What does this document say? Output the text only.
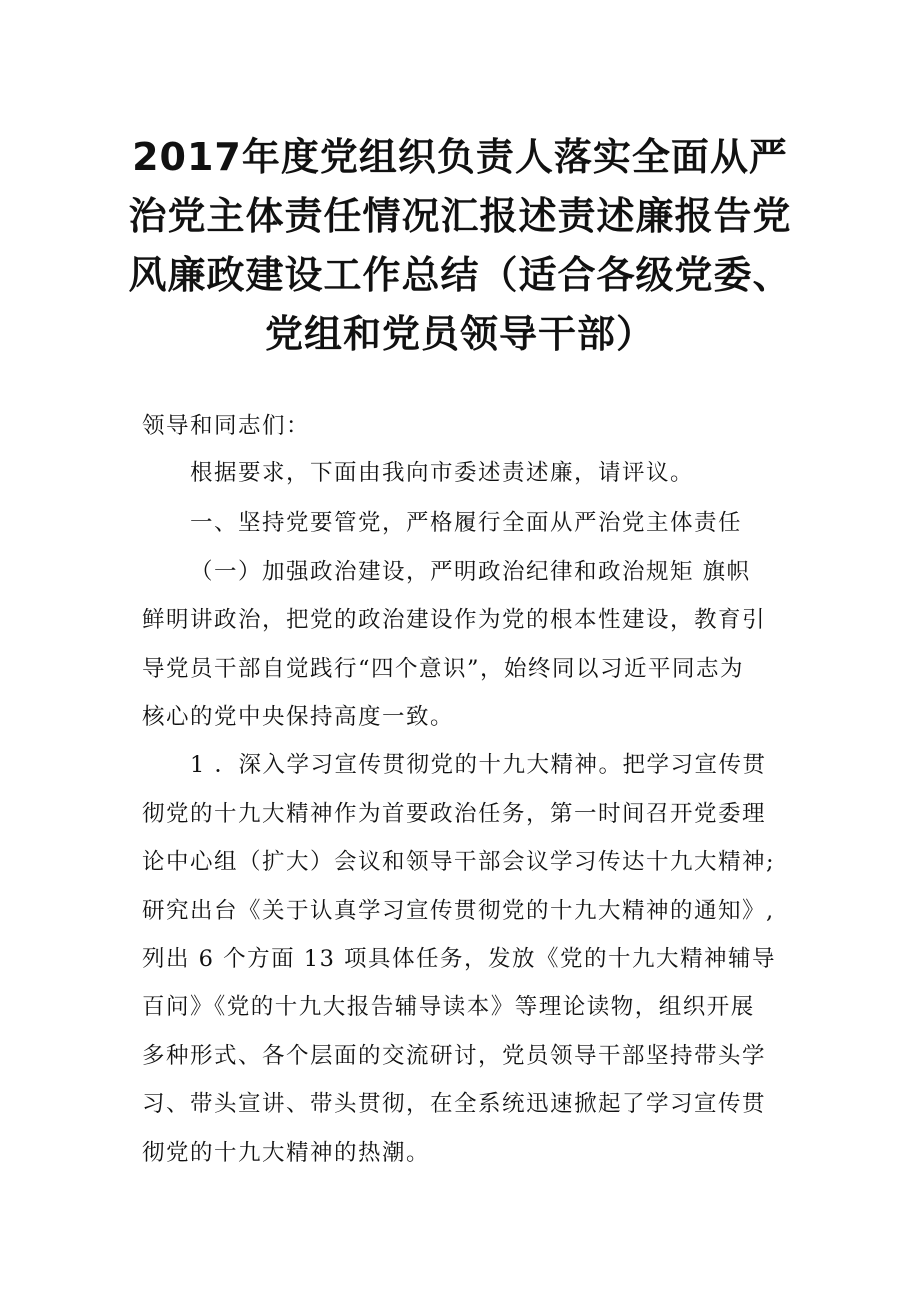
2017年度党组织负责人落实全面从严治党主体责任情况汇报述责述廉报告党风廉政建设工作总结（适合各级党委、党组和党员领导干部）

领导和同志们：

根据要求，下面由我向市委述责述廉，请评议。

一、坚持党要管党，严格履行全面从严治党主体责任

（一）加强政治建设，严明政治纪律和政治规矩 旗帜

鲜明讲政治，把党的政治建设作为党的根本性建设，教育引

导党员干部自觉践行“四个意识”，始终同以习近平同志为

核心的党中央保持高度一致。

1 ．深入学习宣传贯彻党的十九大精神。把学习宣传贯

彻党的十九大精神作为首要政治任务，第一时间召开党委理

论中心组（扩大）会议和领导干部会议学习传达十九大精神;

研究出台《关于认真学习宣传贯彻党的十九大精神的通知》,

列出 6 个方面 13 项具体任务，发放《党的十九大精神辅导

百问》《党的十九大报告辅导读本》等理论读物，组织开展

多种形式、各个层面的交流研讨，党员领导干部坚持带头学

习、带头宣讲、带头贯彻，在全系统迅速掀起了学习宣传贯

彻党的十九大精神的热潮。
